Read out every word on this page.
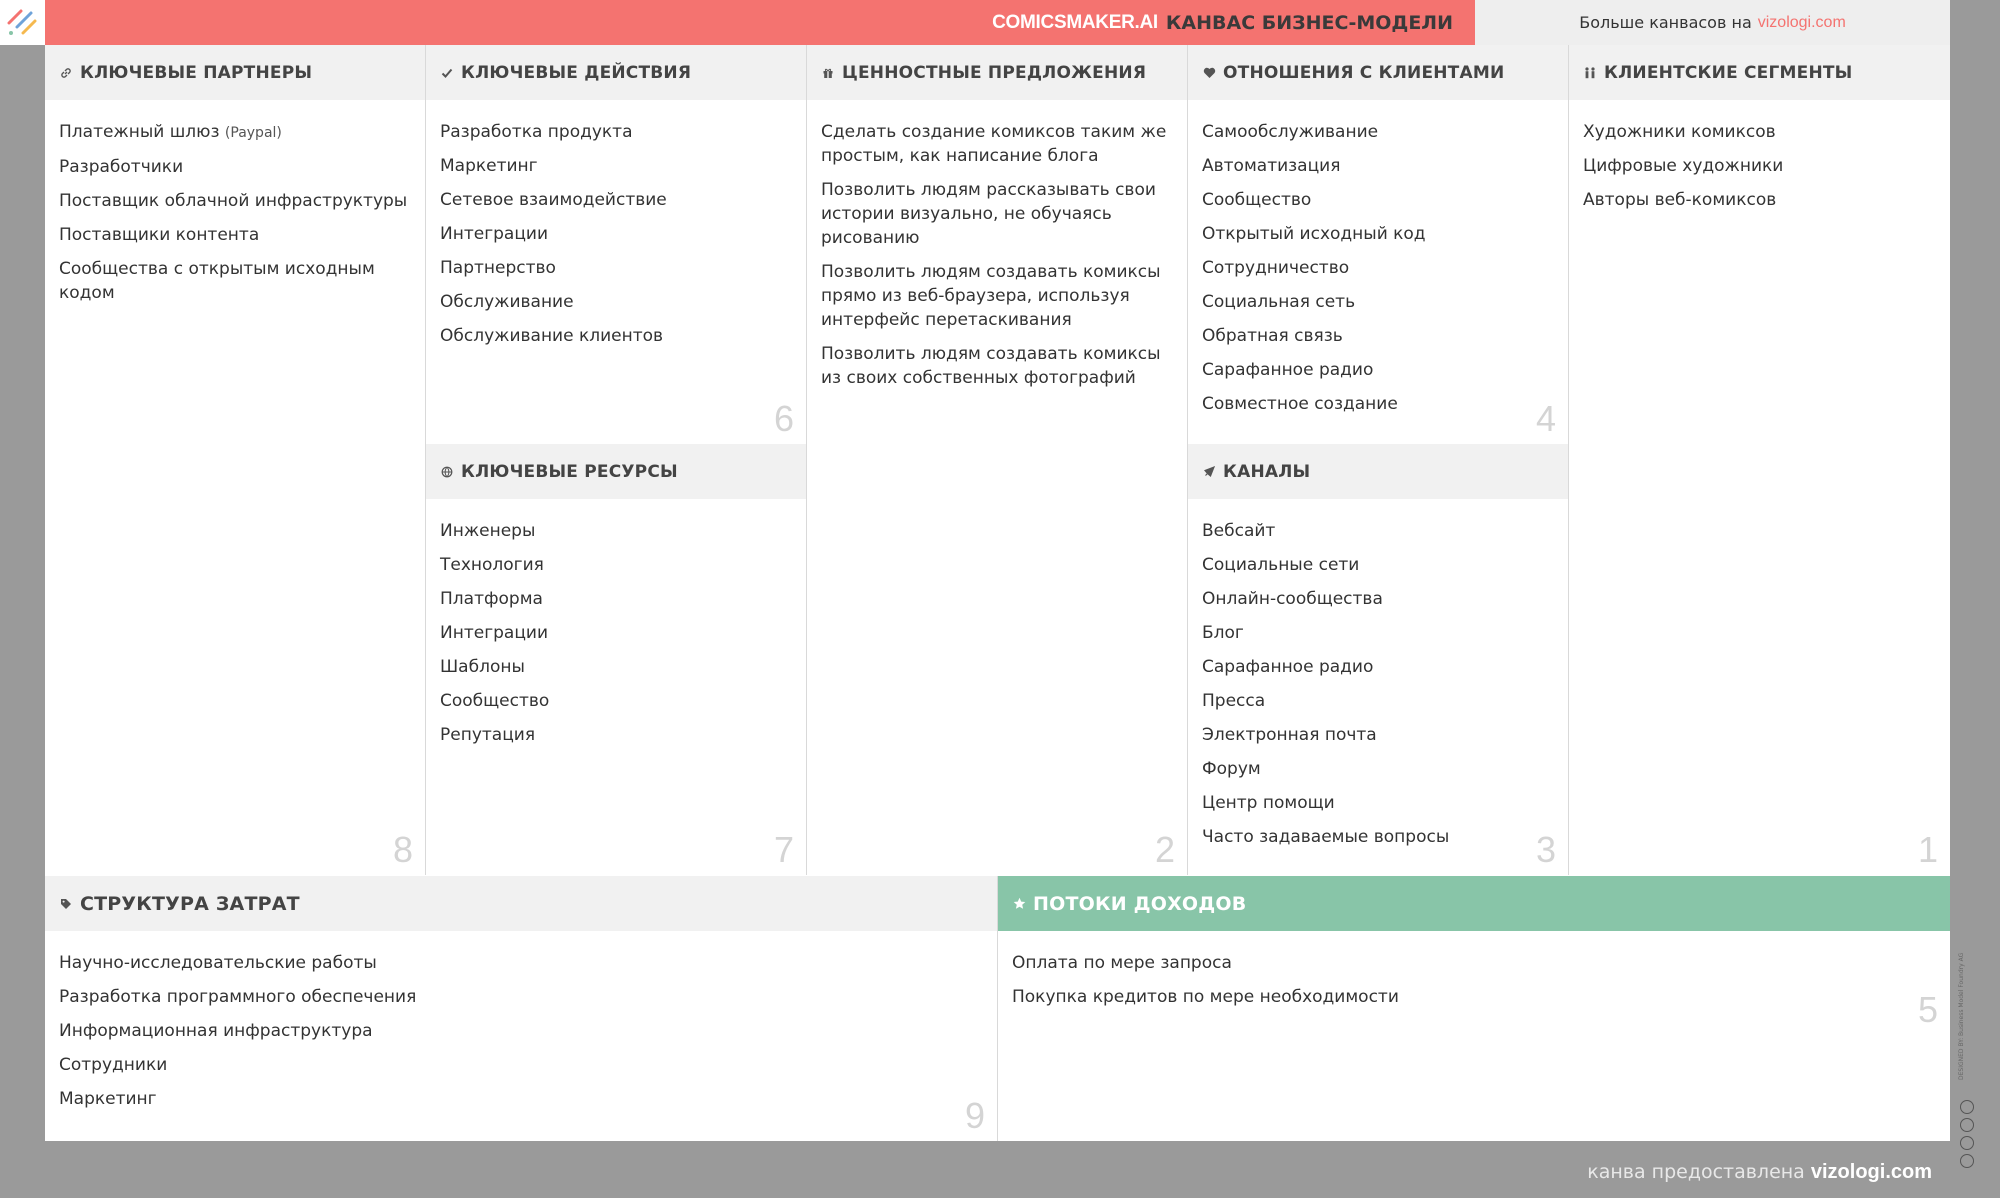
COMICSMAKER.AI КАНВАС БИЗНЕС-МОДЕЛИ	Больше канвасов на vizologi.com
КЛЮЧЕВЫЕ ПАРТНЕРЫ
Платежный шлюз (Paypal)
Разработчики
Поставщик облачной инфраструктуры
Поставщики контента
Сообщества с открытым исходным кодом
8
КЛЮЧЕВЫЕ ДЕЙСТВИЯ
Разработка продукта
Маркетинг
Сетевое взаимодействие
Интеграции
Партнерство
Обслуживание
Обслуживание клиентов
6
КЛЮЧЕВЫЕ РЕСУРСЫ
Инженеры
Технология
Платформа
Интеграции
Шаблоны
Сообщество
Репутация
7
ЦЕННОСТНЫЕ ПРЕДЛОЖЕНИЯ
Сделать создание комиксов таким же простым, как написание блога
Позволить людям рассказывать свои истории визуально, не обучаясь рисованию
Позволить людям создавать комиксы прямо из веб-браузера, используя интерфейс перетаскивания
Позволить людям создавать комиксы из своих собственных фотографий
2
ОТНОШЕНИЯ С КЛИЕНТАМИ
Самообслуживание
Автоматизация
Сообщество
Открытый исходный код
Сотрудничество
Социальная сеть
Обратная связь
Сарафанное радио
Совместное создание	4
КАНАЛЫ
Вебсайт
Социальные сети
Онлайн-сообщества
Блог
Сарафанное радио
Пресса
Электронная почта
Форум
Центр помощи
Часто задаваемые вопросы	3
КЛИЕНТСКИЕ СЕГМЕНТЫ
Художники комиксов
Цифровые художники
Авторы веб-комиксов
1
СТРУКТУРА ЗАТРАТ
Научно-исследовательские работы
Разработка программного обеспечения
Информационная инфраструктура
Сотрудники
Маркетинг	9
ПОТОКИ ДОХОДОВ
Оплата по мере запроса
Покупка кредитов по мере необходимости	5	DESIGNED BY: Business Model Foundry AG
канва предоставлена vizologi.com
